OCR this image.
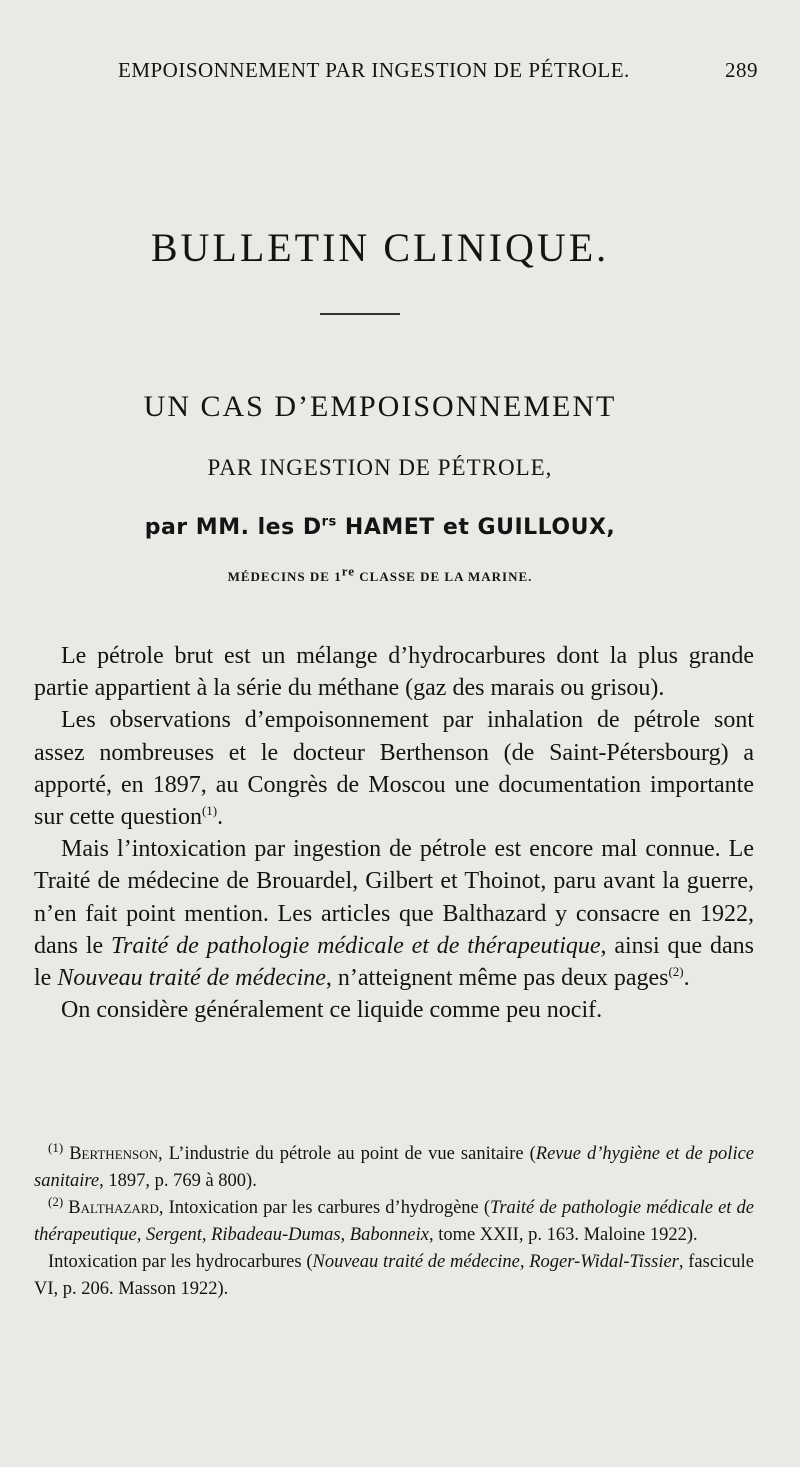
EMPOISONNEMENT PAR INGESTION DE PÉTROLE.	289
BULLETIN CLINIQUE.
UN CAS D’EMPOISONNEMENT
PAR INGESTION DE PÉTROLE,
par MM. les $D^{rs}$ HAMET et GUILLOUX,
MÉDECINS DE 1re CLASSE DE LA MARINE.

Le pétrole brut est un mélange d’hydrocarbures dont la plus grande partie appartient à la série du méthane (gaz des marais ou grisou).

Les observations d’empoisonnement par inhalation de pétrole sont assez nombreuses et le docteur Berthenson (de Saint-Pétersbourg) a apporté, en 1897, au Congrès de Moscou une documentation importante sur cette question$^{(1)}$.

Mais l’intoxication par ingestion de pétrole est encore mal connue. Le Traité de médecine de Brouardel, Gilbert et Thoinot, paru avant la guerre, n’en fait point mention. Les articles que Balthazard y consacre en 1922, dans le Traité de pathologie médicale et de thérapeutique, ainsi que dans le Nouveau traité de médecine, n’atteignent même pas deux pages$^{(2)}$.

On considère généralement ce liquide comme peu nocif.

$^{(1)}$ Berthenson, L’industrie du pétrole au point de vue sanitaire (Revue d’hygiène et de police sanitaire, 1897, p. 769 à 800).

$^{(2)}$ Balthazard, Intoxication par les carbures d’hydrogène (Traité de pathologie médicale et de thérapeutique, Sergent, Ribadeau-Dumas, Babonneix, tome XXII, p. 163. Maloine 1922).

Intoxication par les hydrocarbures (Nouveau traité de médecine, Roger-Widal-Tissier, fascicule VI, p. 206. Masson 1922).
